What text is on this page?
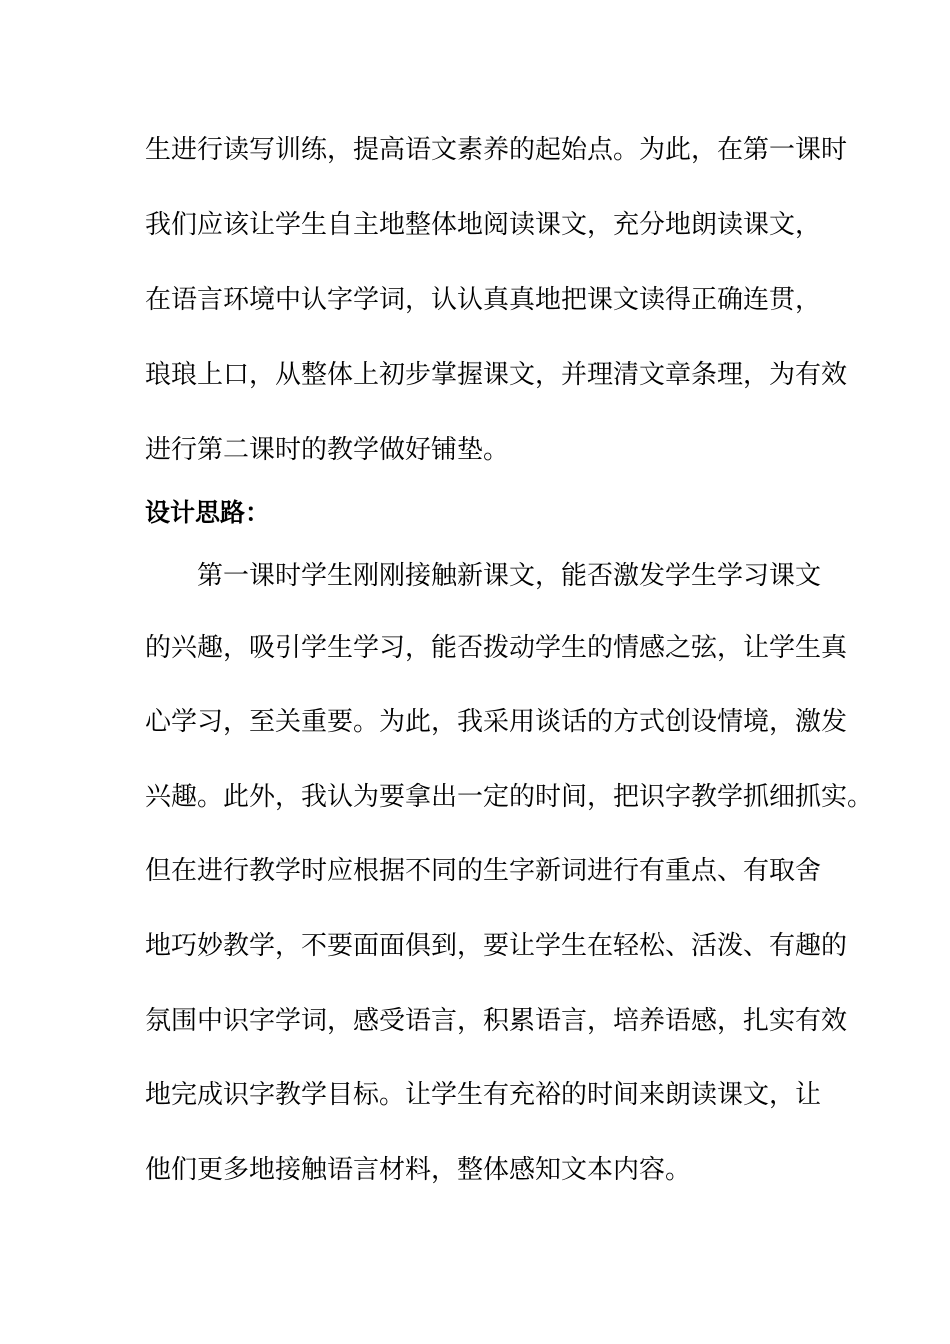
生进行读写训练，提高语文素养的起始点。为此，在第一课时
我们应该让学生自主地整体地阅读课文，充分地朗读课文，
在语言环境中认字学词，认认真真地把课文读得正确连贯，
琅琅上口，从整体上初步掌握课文，并理清文章条理，为有效
进行第二课时的教学做好铺垫。
设计思路：
第一课时学生刚刚接触新课文，能否激发学生学习课文
的兴趣，吸引学生学习，能否拨动学生的情感之弦，让学生真
心学习，至关重要。为此，我采用谈话的方式创设情境，激发
兴趣。此外，我认为要拿出一定的时间，把识字教学抓细抓实。
但在进行教学时应根据不同的生字新词进行有重点、有取舍
地巧妙教学，不要面面俱到，要让学生在轻松、活泼、有趣的
氛围中识字学词，感受语言，积累语言，培养语感，扎实有效
地完成识字教学目标。让学生有充裕的时间来朗读课文，让
他们更多地接触语言材料，整体感知文本内容。
